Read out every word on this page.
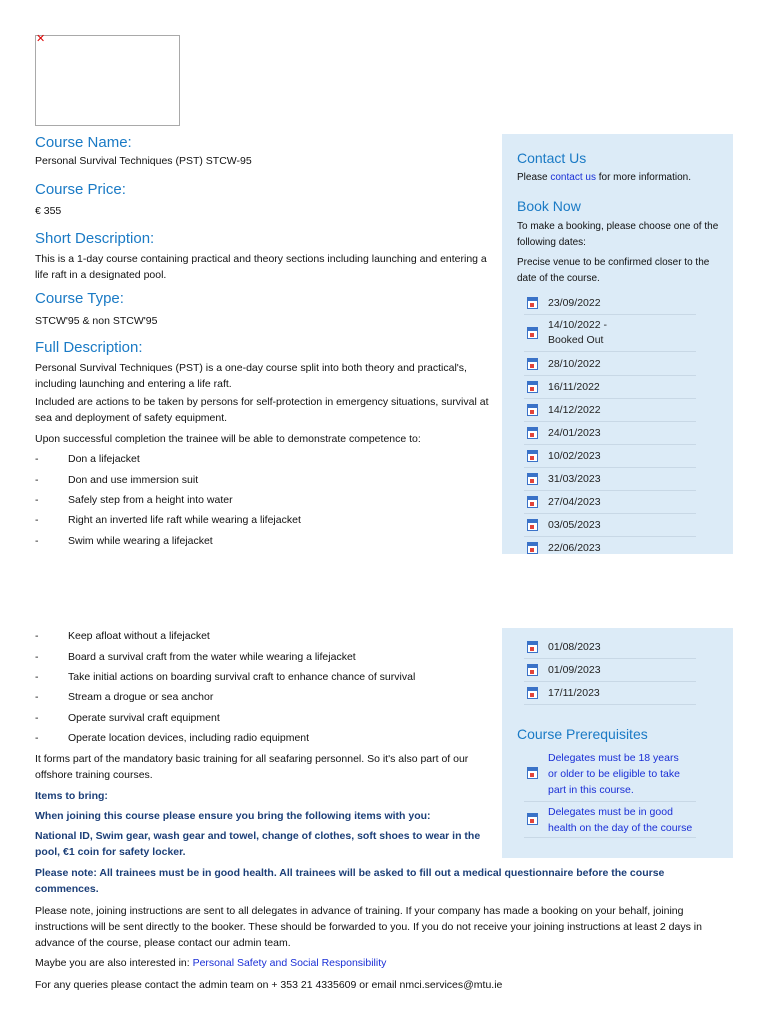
✕
Course Name:
Personal Survival Techniques (PST) STCW-95
Course Price:
€ 355
Short Description:
This is a 1-day course containing practical and theory sections including launching and entering a life raft in a designated pool.
Course Type:
STCW'95 & non STCW'95
Full Description:
Personal Survival Techniques (PST) is a one-day course split into both theory and practical's, including launching and entering a life raft.
Included are actions to be taken by persons for self-protection in emergency situations, survival at sea and deployment of safety equipment.
Upon successful completion the trainee will be able to demonstrate competence to:
-	Don a lifejacket
-	Don and use immersion suit
-	Safely step from a height into water
-	Right an inverted life raft while wearing a lifejacket
-	Swim while wearing a lifejacket
-	Keep afloat without a lifejacket
-	Board a survival craft from the water while wearing a lifejacket
-	Take initial actions on boarding survival craft to enhance chance of survival
-	Stream a drogue or sea anchor
-	Operate survival craft equipment
-	Operate location devices, including radio equipment
It forms part of the mandatory basic training for all seafaring personnel. So it's also part of our offshore training courses.
Items to bring:
When joining this course please ensure you bring the following items with you:
National ID, Swim gear, wash gear and towel, change of clothes, soft shoes to wear in the pool, €1 coin for safety locker.
Please note: All trainees must be in good health. All trainees will be asked to fill out a medical questionnaire before the course commences.
Please note, joining instructions are sent to all delegates in advance of training. If your company has made a booking on your behalf, joining instructions will be sent directly to the booker. These should be forwarded to you. If you do not receive your joining instructions at least 2 days in advance of the course, please contact our admin team.
Maybe you are also interested in: Personal Safety and Social Responsibility
For any queries please contact the admin team on + 353 21 4335609 or email nmci.services@mtu.ie
Contact Us
Please contact us for more information.
Book Now
To make a booking, please choose one of the following dates:
Precise venue to be confirmed closer to the date of the course.
23/09/2022
14/10/2022 - Booked Out
28/10/2022
16/11/2022
14/12/2022
24/01/2023
10/02/2023
31/03/2023
27/04/2023
03/05/2023
22/06/2023
01/08/2023
01/09/2023
17/11/2023
Course Prerequisites
Delegates must be 18 years or older to be eligible to take part in this course.
Delegates must be in good health on the day of the course
